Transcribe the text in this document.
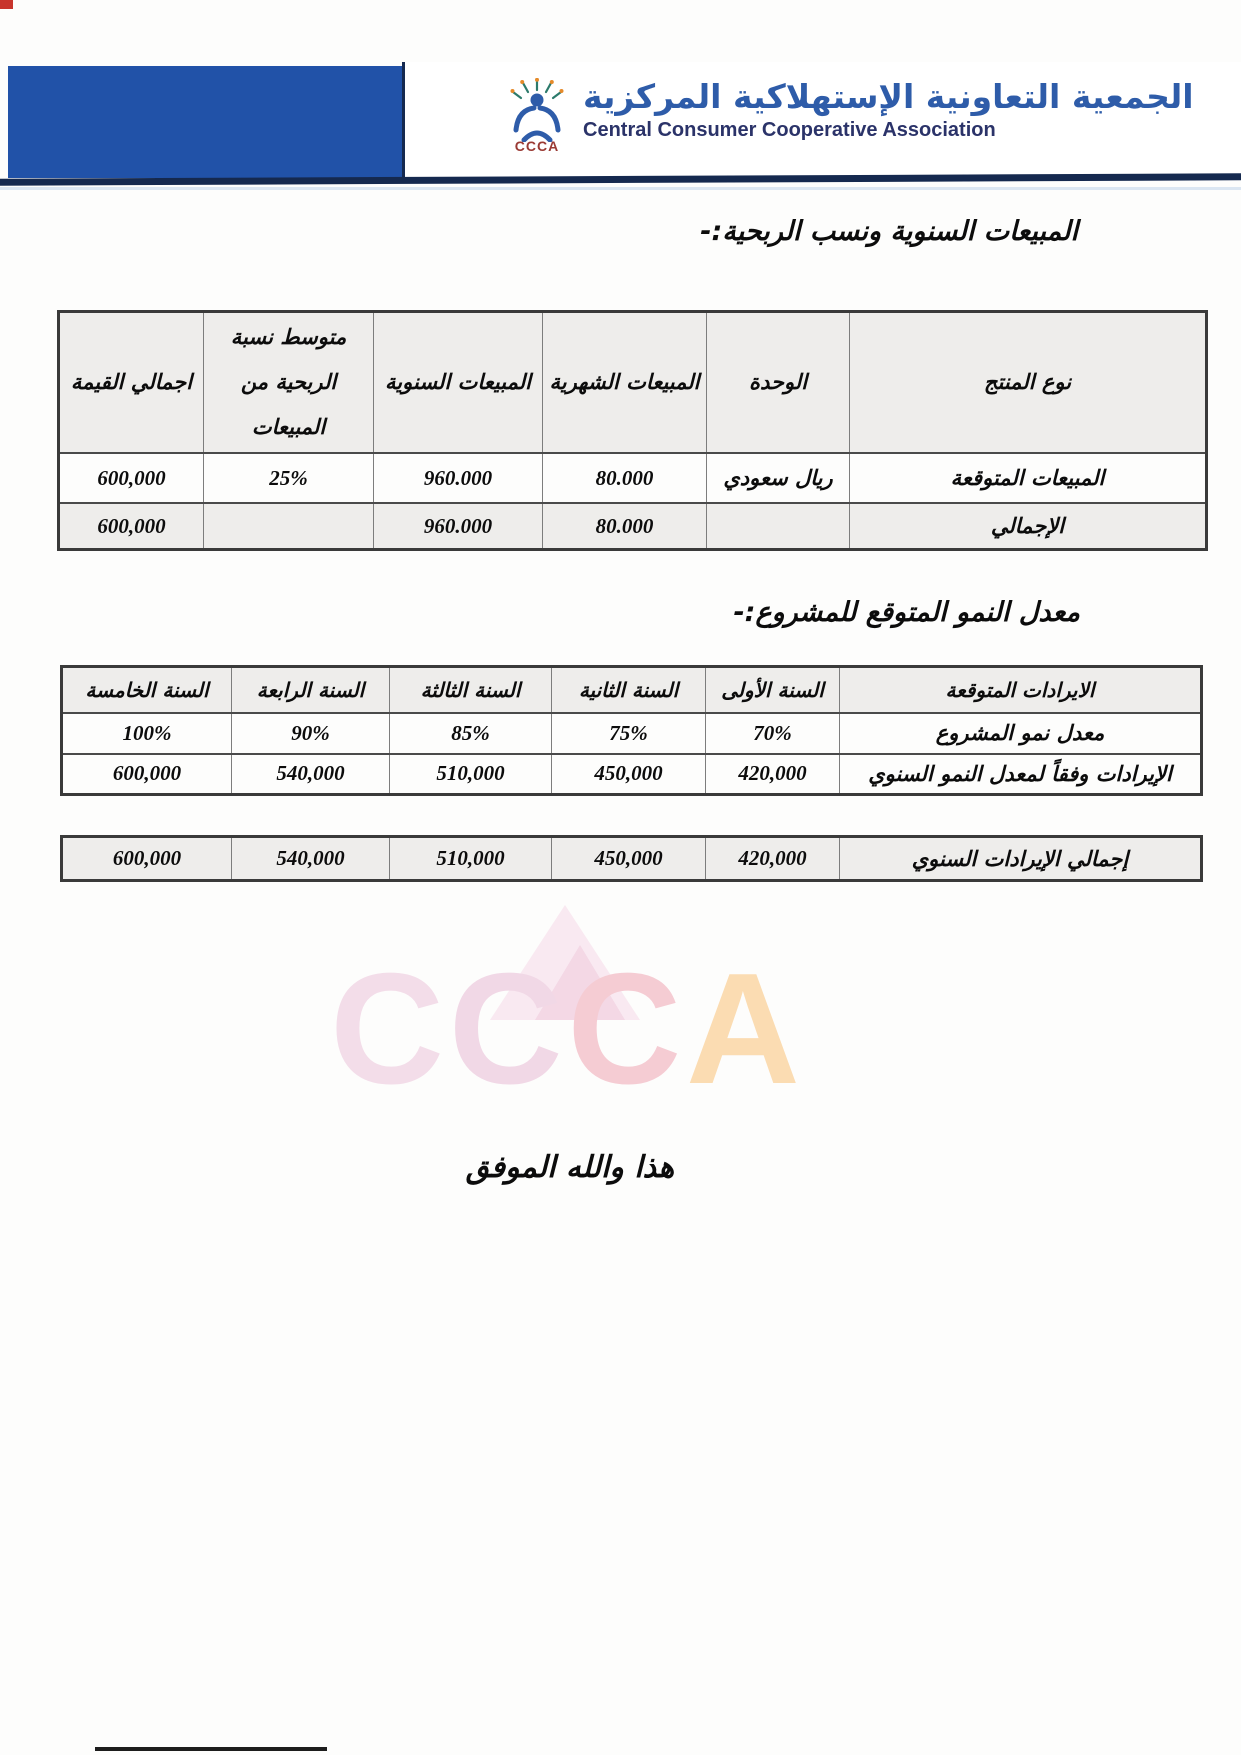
CCCA
الجمعية التعاونية الإستهلاكية المركزية
Central Consumer Cooperative Association
المبيعات السنوية ونسب الربحية:-
نوع المنتج	الوحدة	المبيعات الشهرية	المبيعات السنوية	متوسط نسبة الربحية من المبيعات	اجمالي القيمة
المبيعات المتوقعة	ريال سعودي	80.000	960.000	25%	600,000
الإجمالي		80.000	960.000		600,000
معدل النمو المتوقع للمشروع:-
الايرادات المتوقعة	السنة الأولى	السنة الثانية	السنة الثالثة	السنة الرابعة	السنة الخامسة
معدل نمو المشروع	70%	75%	85%	90%	100%
الإيرادات وفقاً لمعدل النمو السنوي	420,000	450,000	510,000	540,000	600,000
إجمالي الإيرادات السنوي	420,000	450,000	510,000	540,000	600,000
C C C A
هذا والله الموفق
